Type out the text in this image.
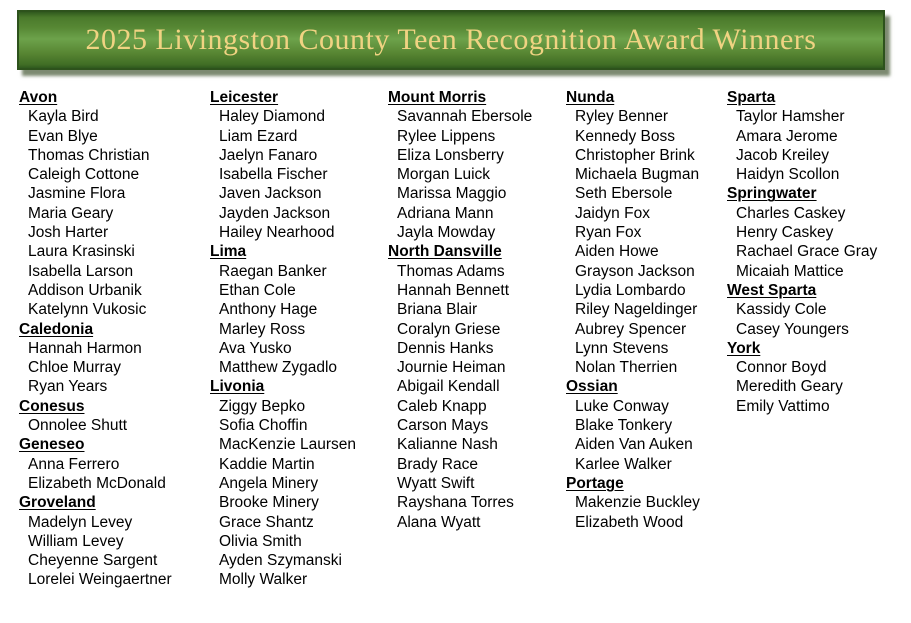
2025 Livingston County Teen Recognition Award Winners
Avon
Kayla Bird
Evan Blye
Thomas Christian
Caleigh Cottone
Jasmine Flora
Maria Geary
Josh Harter
Laura Krasinski
Isabella Larson
Addison Urbanik
Katelynn Vukosic
Caledonia
Hannah Harmon
Chloe Murray
Ryan Years
Conesus
Onnolee Shutt
Geneseo
Anna Ferrero
Elizabeth McDonald
Groveland
Madelyn Levey
William Levey
Cheyenne Sargent
Lorelei Weingaertner
Leicester
Haley Diamond
Liam Ezard
Jaelyn Fanaro
Isabella Fischer
Javen Jackson
Jayden Jackson
Hailey Nearhood
Lima
Raegan Banker
Ethan Cole
Anthony Hage
Marley Ross
Ava Yusko
Matthew Zygadlo
Livonia
Ziggy Bepko
Sofia Choffin
MacKenzie Laursen
Kaddie Martin
Angela Minery
Brooke Minery
Grace Shantz
Olivia Smith
Ayden Szymanski
Molly Walker
Mount Morris
Savannah Ebersole
Rylee Lippens
Eliza Lonsberry
Morgan Luick
Marissa Maggio
Adriana Mann
Jayla Mowday
North Dansville
Thomas Adams
Hannah Bennett
Briana Blair
Coralyn Griese
Dennis Hanks
Journie Heiman
Abigail Kendall
Caleb Knapp
Carson Mays
Kalianne Nash
Brady Race
Wyatt Swift
Rayshana Torres
Alana Wyatt
Nunda
Ryley Benner
Kennedy Boss
Christopher Brink
Michaela Bugman
Seth Ebersole
Jaidyn Fox
Ryan Fox
Aiden Howe
Grayson Jackson
Lydia Lombardo
Riley Nageldinger
Aubrey Spencer
Lynn Stevens
Nolan Therrien
Ossian
Luke Conway
Blake Tonkery
Aiden Van Auken
Karlee Walker
Portage
Makenzie Buckley
Elizabeth Wood
Sparta
Taylor Hamsher
Amara Jerome
Jacob Kreiley
Haidyn Scollon
Springwater
Charles Caskey
Henry Caskey
Rachael Grace Gray
Micaiah Mattice
West Sparta
Kassidy Cole
Casey Youngers
York
Connor Boyd
Meredith Geary
Emily Vattimo
